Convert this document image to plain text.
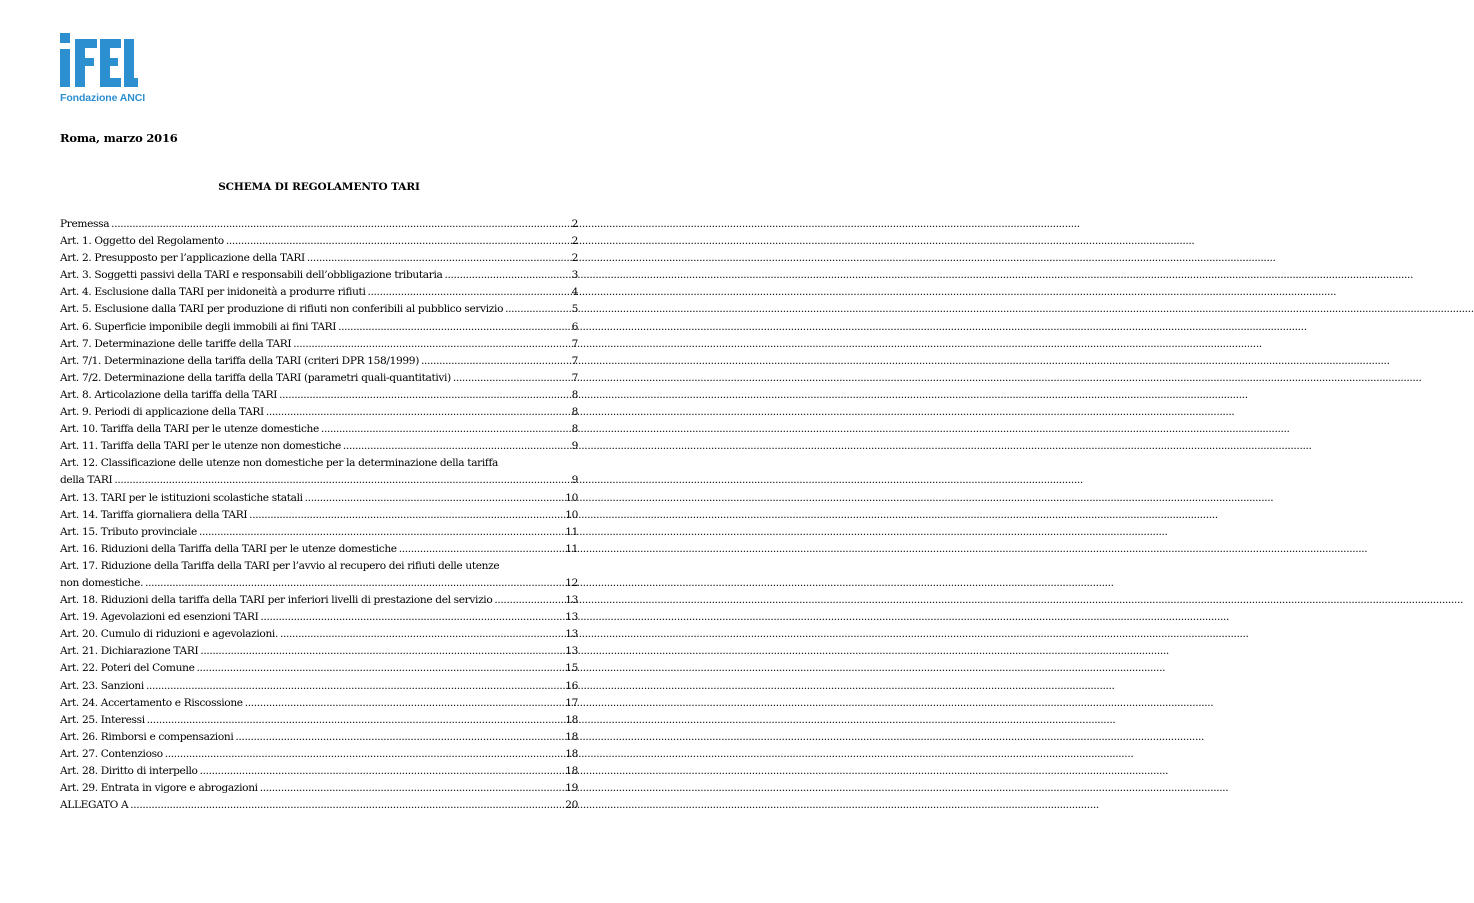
Fondazione ANCI
Roma, marzo 2016
SCHEMA DI REGOLAMENTO TARI
Premessa .....	2
Art. 1. Oggetto del Regolamento .....	2
Art. 2. Presupposto per l’applicazione della TARI .....	2
Art. 3. Soggetti passivi della TARI e responsabili dell’obbligazione tributaria .....	3
Art. 4. Esclusione dalla TARI per inidoneità a produrre rifiuti .....	4
Art. 5. Esclusione dalla TARI per produzione di rifiuti non conferibili al pubblico servizio .....	5
Art. 6. Superficie imponibile degli immobili ai fini TARI .....	6
Art. 7. Determinazione delle tariffe della TARI .....	7
Art. 7/1. Determinazione della tariffa della TARI (criteri DPR 158/1999) .....	7
Art. 7/2. Determinazione della tariffa della TARI (parametri quali-quantitativi) .....	7
Art. 8. Articolazione della tariffa della TARI .....	8
Art. 9. Periodi di applicazione della TARI .....	8
Art. 10. Tariffa della TARI per le utenze domestiche .....	8
Art. 11. Tariffa della TARI per le utenze non domestiche .....	9
Art. 12. Classificazione delle utenze non domestiche per la determinazione della tariffa
della TARI .....	9
Art. 13. TARI per le istituzioni scolastiche statali .....	10
Art. 14. Tariffa giornaliera della TARI .....	10
Art. 15. Tributo provinciale .....	11
Art. 16. Riduzioni della Tariffa della TARI per le utenze domestiche .....	11
Art. 17. Riduzione della Tariffa della TARI per l’avvio al recupero dei rifiuti delle utenze
non domestiche. .....	12
Art. 18. Riduzioni della tariffa della TARI per inferiori livelli di prestazione del servizio .....	13
Art. 19. Agevolazioni ed esenzioni TARI .....	13
Art. 20. Cumulo di riduzioni e agevolazioni. .....	13
Art. 21. Dichiarazione TARI .....	13
Art. 22. Poteri del Comune .....	15
Art. 23. Sanzioni .....	16
Art. 24. Accertamento e Riscossione .....	17
Art. 25. Interessi .....	18
Art. 26. Rimborsi e compensazioni .....	18
Art. 27. Contenzioso .....	18
Art. 28. Diritto di interpello .....	18
Art. 29. Entrata in vigore e abrogazioni .....	19
ALLEGATO A .....	20
